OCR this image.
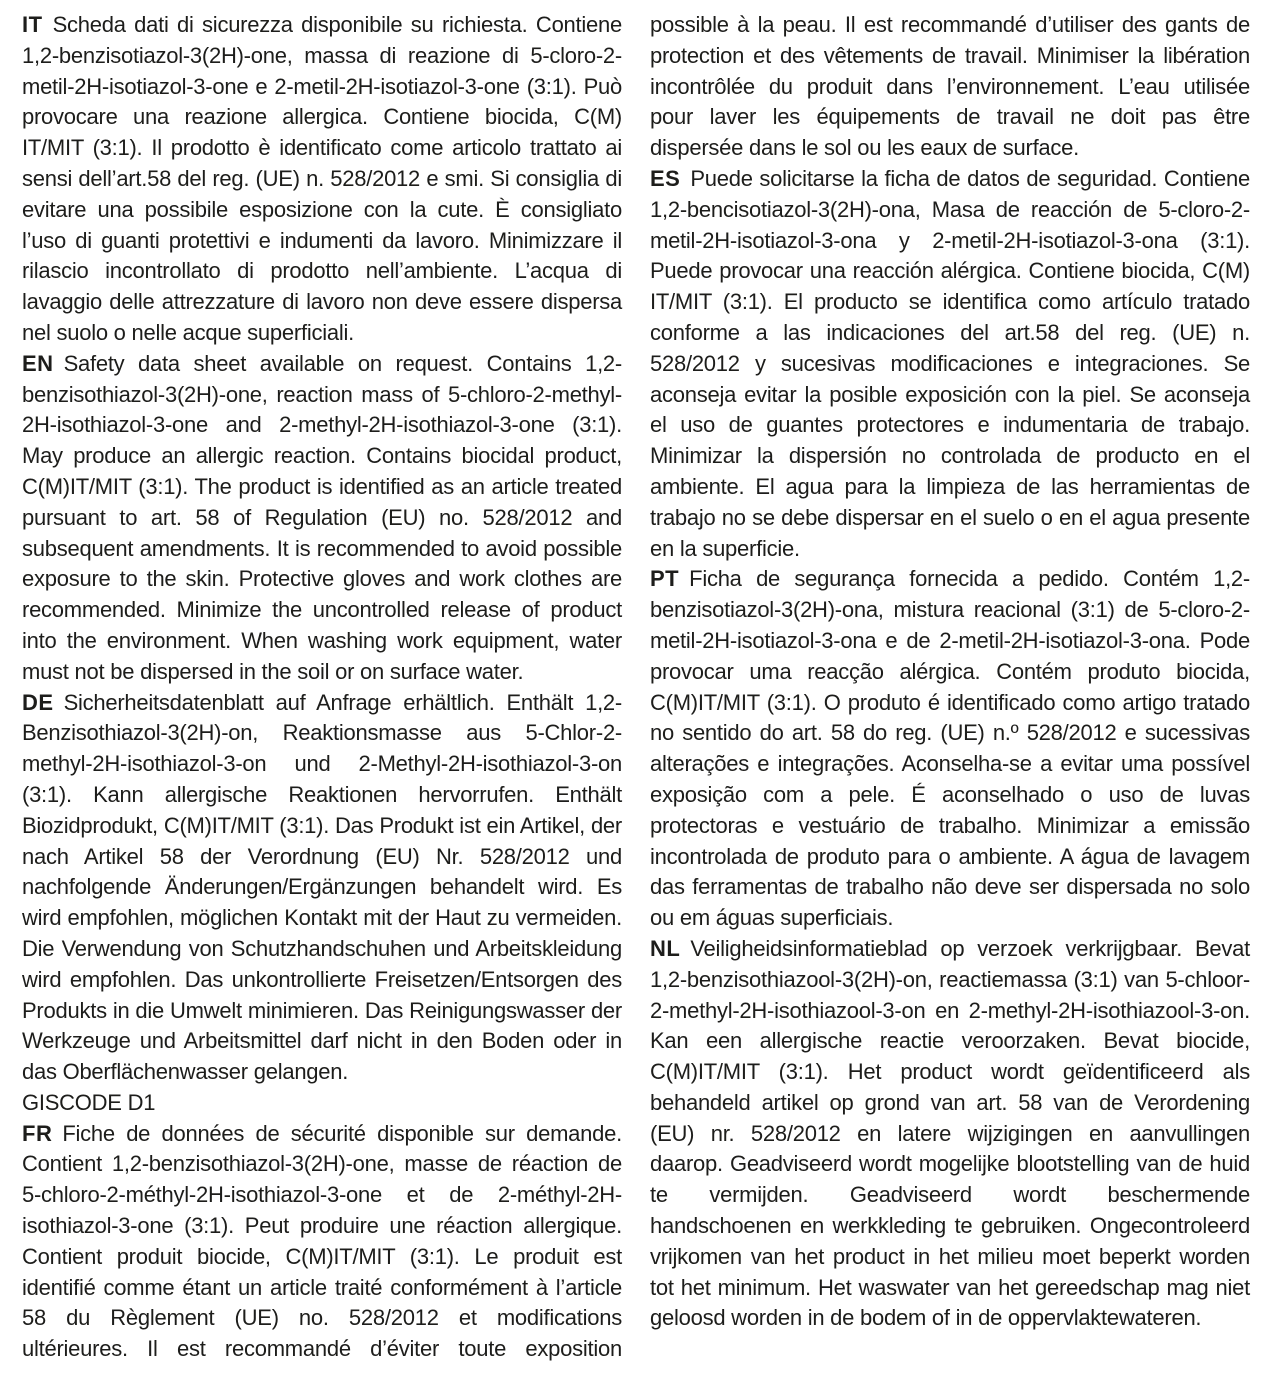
IT Scheda dati di sicurezza disponibile su richiesta. Contiene 1,2-benzisotiazol-3(2H)-one, massa di reazione di 5-cloro-2-metil-2H-isotiazol-3-one e 2-metil-2H-isotiazol-3-one (3:1). Può provocare una reazione allergica. Contiene biocida, C(M) IT/MIT (3:1). Il prodotto è identificato come articolo trattato ai sensi dell’art.58 del reg. (UE) n. 528/2012 e smi. Si consiglia di evitare una possibile esposizione con la cute. È consigliato l’uso di guanti protettivi e indumenti da lavoro. Minimizzare il rilascio incontrollato di prodotto nell’ambiente. L’acqua di lavaggio delle attrezzature di lavoro non deve essere dispersa nel suolo o nelle acque superficiali.

EN Safety data sheet available on request. Contains 1,2-benzisothiazol-3(2H)-one, reaction mass of 5-chloro-2-methyl-2H-isothiazol-3-one and 2-methyl-2H-isothiazol-3-one (3:1). May produce an allergic reaction. Contains biocidal product, C(M)IT/MIT (3:1). The product is identified as an article treated pursuant to art. 58 of Regulation (EU) no. 528/2012 and subsequent amendments. It is recommended to avoid possible exposure to the skin. Protective gloves and work clothes are recommended. Minimize the uncontrolled release of product into the environment. When washing work equipment, water must not be dispersed in the soil or on surface water.

DE Sicherheitsdatenblatt auf Anfrage erhältlich. Enthält 1,2-Benzisothiazol-3(2H)-on, Reaktionsmasse aus 5-Chlor-2-methyl-2H-isothiazol-3-on und 2-Methyl-2H-isothiazol-3-on (3:1). Kann allergische Reaktionen hervorrufen. Enthält Biozidprodukt, C(M)IT/MIT (3:1). Das Produkt ist ein Artikel, der nach Artikel 58 der Verordnung (EU) Nr. 528/2012 und nachfolgende Änderungen/Ergänzungen behandelt wird. Es wird empfohlen, möglichen Kontakt mit der Haut zu vermeiden. Die Verwendung von Schutzhandschuhen und Arbeitskleidung wird empfohlen. Das unkontrollierte Freisetzen/Entsorgen des Produkts in die Umwelt minimieren. Das Reinigungswasser der Werkzeuge und Arbeitsmittel darf nicht in den Boden oder in das Oberflächenwasser gelangen.
GISCODE D1

FR Fiche de données de sécurité disponible sur demande. Contient 1,2-benzisothiazol-3(2H)-one, masse de réaction de 5-chloro-2-méthyl-2H-isothiazol-3-one et de 2-méthyl-2H-isothiazol-3-one (3:1). Peut produire une réaction allergique. Contient produit biocide, C(M)IT/MIT (3:1). Le produit est identifié comme étant un article traité conformément à l’article 58 du Règlement (UE) no. 528/2012 et modifications ultérieures. Il est recommandé d’éviter toute exposition possible à la peau. Il est recommandé d’utiliser des gants de protection et des vêtements de travail. Minimiser la libération incontrôlée du produit dans l’environnement. L’eau utilisée pour laver les équipements de travail ne doit pas être dispersée dans le sol ou les eaux de surface.

ES Puede solicitarse la ficha de datos de seguridad. Contiene 1,2-bencisotiazol-3(2H)-ona, Masa de reacción de 5-cloro-2-metil-2H-isotiazol-3-ona y 2-metil-2H-isotiazol-3-ona (3:1). Puede provocar una reacción alérgica. Contiene biocida, C(M) IT/MIT (3:1). El producto se identifica como artículo tratado conforme a las indicaciones del art.58 del reg. (UE) n. 528/2012 y sucesivas modificaciones e integraciones. Se aconseja evitar la posible exposición con la piel. Se aconseja el uso de guantes protectores e indumentaria de trabajo. Minimizar la dispersión no controlada de producto en el ambiente. El agua para la limpieza de las herramientas de trabajo no se debe dispersar en el suelo o en el agua presente en la superficie.

PT Ficha de segurança fornecida a pedido. Contém 1,2-benzisotiazol-3(2H)-ona, mistura reacional (3:1) de 5-cloro-2-metil-2H-isotiazol-3-ona e de 2-metil-2H-isotiazol-3-ona. Pode provocar uma reacção alérgica. Contém produto biocida, C(M)IT/MIT (3:1). O produto é identificado como artigo tratado no sentido do art. 58 do reg. (UE) n.º 528/2012 e sucessivas alterações e integrações. Aconselha-se a evitar uma possível exposição com a pele. É aconselhado o uso de luvas protectoras e vestuário de trabalho. Minimizar a emissão incontrolada de produto para o ambiente. A água de lavagem das ferramentas de trabalho não deve ser dispersada no solo ou em águas superficiais.

NL Veiligheidsinformatieblad op verzoek verkrijgbaar. Bevat 1,2-benzisothiazool-3(2H)-on, reactiemassa (3:1) van 5-chloor-2-methyl-2H-isothiazool-3-on en 2-methyl-2H-isothiazool-3-on. Kan een allergische reactie veroorzaken. Bevat biocide, C(M)IT/MIT (3:1). Het product wordt geïdentificeerd als behandeld artikel op grond van art. 58 van de Verordening (EU) nr. 528/2012 en latere wijzigingen en aanvullingen daarop. Geadviseerd wordt mogelijke blootstelling van de huid te vermijden. Geadviseerd wordt beschermende handschoenen en werkkleding te gebruiken. Ongecontroleerd vrijkomen van het product in het milieu moet beperkt worden tot het minimum. Het waswater van het gereedschap mag niet geloosd worden in de bodem of in de oppervlaktewateren.
